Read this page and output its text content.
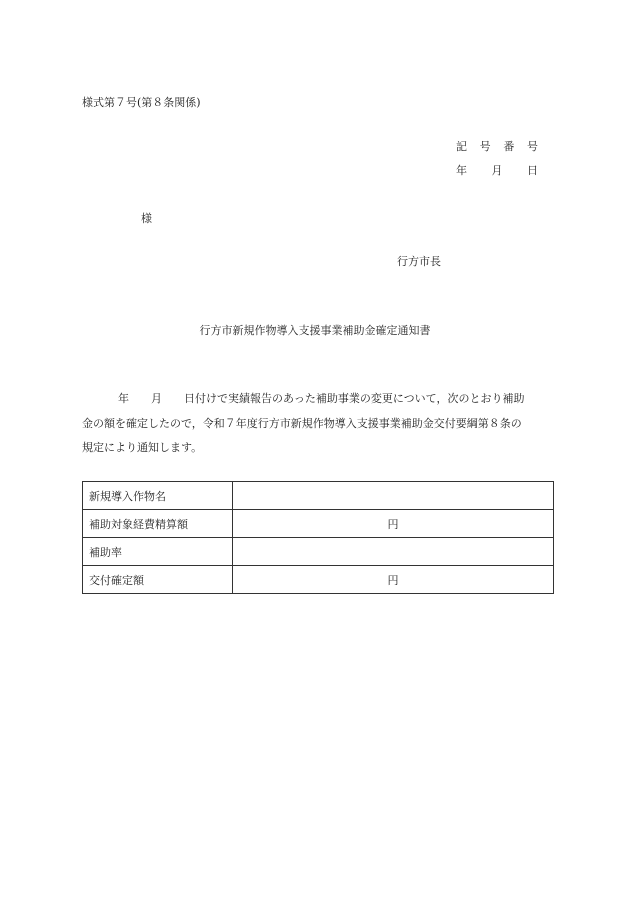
様式第７号(第８条関係)
記 号 番 号
年 月 日
様
行方市長
行方市新規作物導入支援事業補助金確定通知書
年　　月　　日付けで実績報告のあった補助事業の変更について，次のとおり補助
金の額を確定したので，令和７年度行方市新規作物導入支援事業補助金交付要綱第８条の
規定により通知します。
新規導入作物名	
補助対象経費精算額	円
補助率	
交付確定額	円
